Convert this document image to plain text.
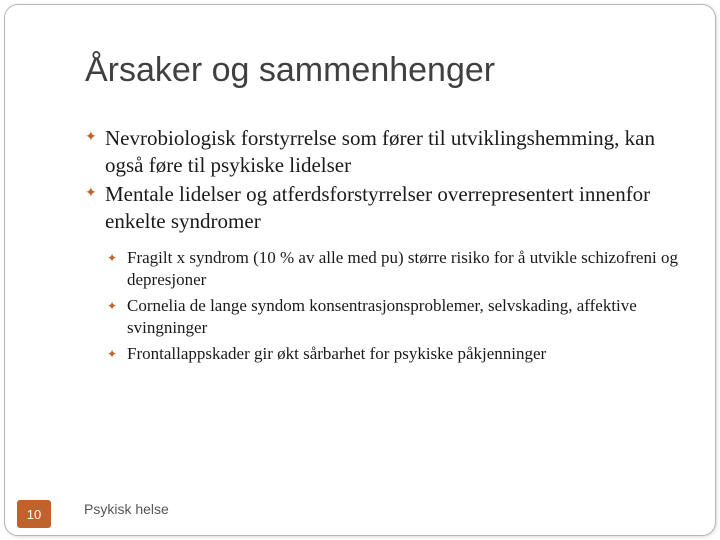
Årsaker og sammenhenger
✦ Nevrobiologisk forstyrrelse som fører til utviklingshemming, kan også føre til psykiske lidelser
✦ Mentale lidelser og atferdsforstyrrelser overrepresentert innenfor enkelte syndromer
✦ Fragilt x syndrom (10 % av alle med pu) større risiko for å utvikle schizofreni og depresjoner
✦ Cornelia de lange syndom konsentrasjonsproblemer, selvskading, affektive svingninger
✦ Frontallappskader gir økt sårbarhet for psykiske påkjenninger
10	Psykisk helse
